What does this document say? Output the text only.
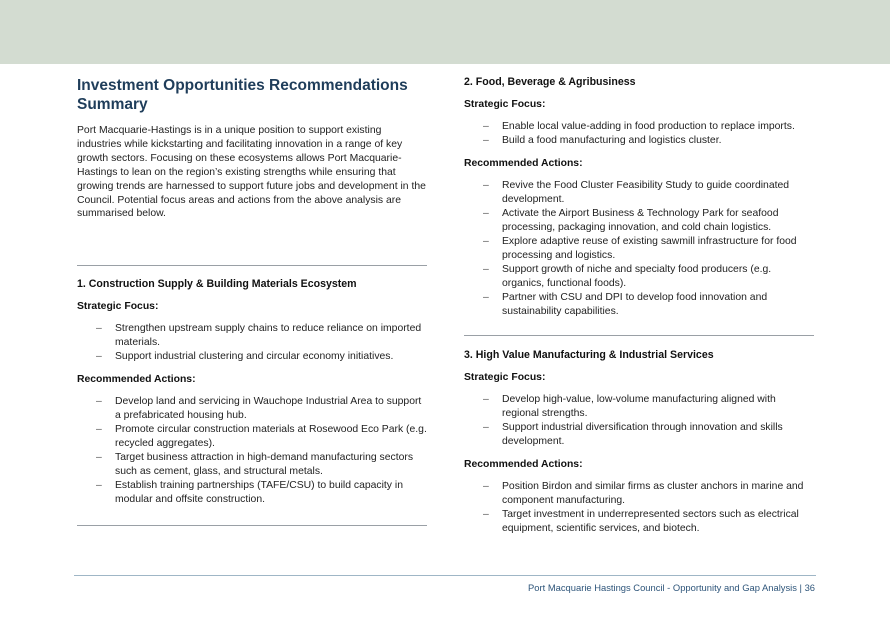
Investment Opportunities Recommendations Summary

Port Macquarie-Hastings is in a unique position to support existing industries while kickstarting and facilitating innovation in a range of key growth sectors. Focusing on these ecosystems allows Port Macquarie-Hastings to lean on the region’s existing strengths while ensuring that growing trends are harnessed to support future jobs and development in the Council. Potential focus areas and actions from the above analysis are summarised below.

1. Construction Supply & Building Materials Ecosystem
Strategic Focus:
– Strengthen upstream supply chains to reduce reliance on imported materials.
– Support industrial clustering and circular economy initiatives.
Recommended Actions:
– Develop land and servicing in Wauchope Industrial Area to support a prefabricated housing hub.
– Promote circular construction materials at Rosewood Eco Park (e.g. recycled aggregates).
– Target business attraction in high-demand manufacturing sectors such as cement, glass, and structural metals.
– Establish training partnerships (TAFE/CSU) to build capacity in modular and offsite construction.
2. Food, Beverage & Agribusiness
Strategic Focus:
– Enable local value-adding in food production to replace imports.
– Build a food manufacturing and logistics cluster.
Recommended Actions:
– Revive the Food Cluster Feasibility Study to guide coordinated development.
– Activate the Airport Business & Technology Park for seafood processing, packaging innovation, and cold chain logistics.
– Explore adaptive reuse of existing sawmill infrastructure for food processing and logistics.
– Support growth of niche and specialty food producers (e.g. organics, functional foods).
– Partner with CSU and DPI to develop food innovation and sustainability capabilities.
3. High Value Manufacturing & Industrial Services
Strategic Focus:
– Develop high-value, low-volume manufacturing aligned with regional strengths.
– Support industrial diversification through innovation and skills development.
Recommended Actions:
– Position Birdon and similar firms as cluster anchors in marine and component manufacturing.
– Target investment in underrepresented sectors such as electrical equipment, scientific services, and biotech.
Port Macquarie Hastings Council - Opportunity and Gap Analysis | 36
